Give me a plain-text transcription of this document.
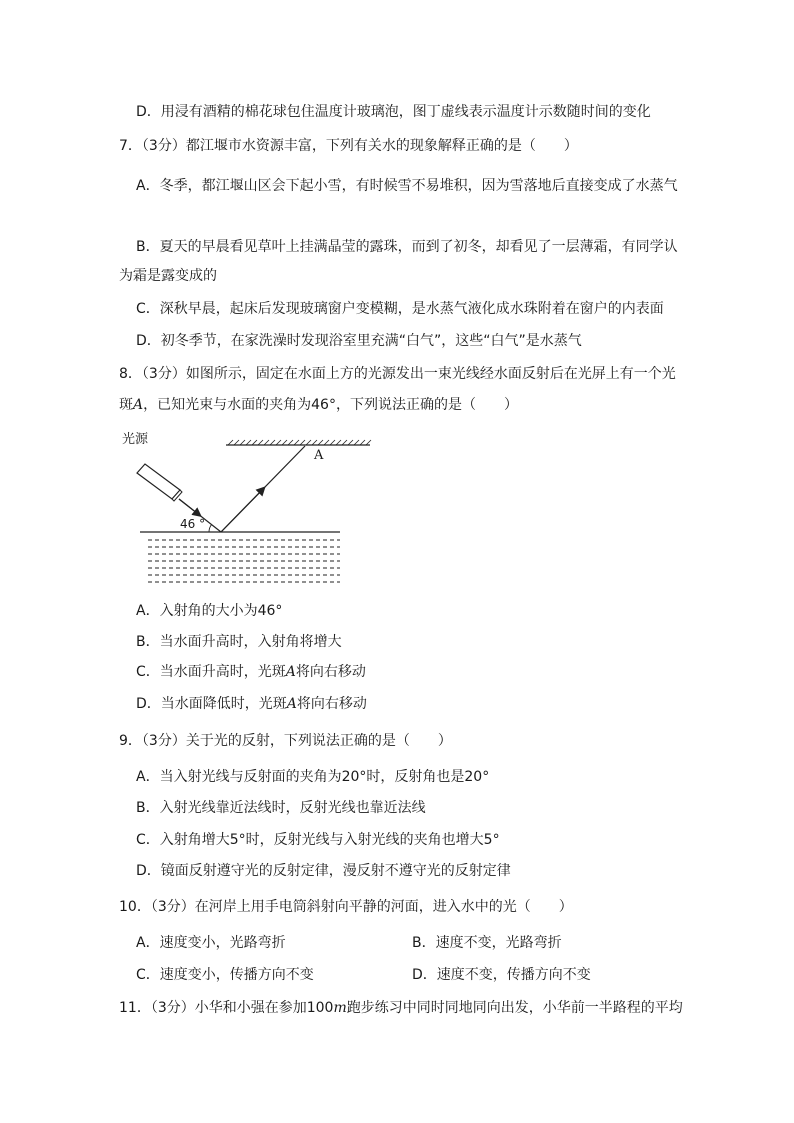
D．用浸有酒精的棉花球包住温度计玻璃泡，图丁虚线表示温度计示数随时间的变化
7．（3分）都江堰市水资源丰富，下列有关水的现象解释正确的是（　　）
A．冬季，都江堰山区会下起小雪，有时候雪不易堆积，因为雪落地后直接变成了水蒸气
B．夏天的早晨看见草叶上挂满晶莹的露珠，而到了初冬，却看见了一层薄霜，有同学认
为霜是露变成的
C．深秋早晨，起床后发现玻璃窗户变模糊，是水蒸气液化成水珠附着在窗户的内表面
D．初冬季节，在家洗澡时发现浴室里充满“白气”，这些“白气”是水蒸气
8．（3分）如图所示，固定在水面上方的光源发出一束光线经水面反射后在光屏上有一个光
斑A，已知光束与水面的夹角为46°，下列说法正确的是（　　）
光源
A
46 °
A．入射角的大小为46°
B．当水面升高时，入射角将增大
C．当水面升高时，光斑A将向右移动
D．当水面降低时，光斑A将向右移动
9．（3分）关于光的反射，下列说法正确的是（　　）
A．当入射光线与反射面的夹角为20°时，反射角也是20°
B．入射光线靠近法线时，反射光线也靠近法线
C．入射角增大5°时，反射光线与入射光线的夹角也增大5°
D．镜面反射遵守光的反射定律，漫反射不遵守光的反射定律
10．（3分）在河岸上用手电筒斜射向平静的河面，进入水中的光（　　）
A．速度变小，光路弯折	B．速度不变，光路弯折
C．速度变小，传播方向不变	D．速度不变，传播方向不变
11．（3分）小华和小强在参加100m跑步练习中同时同地同向出发，小华前一半路程的平均
